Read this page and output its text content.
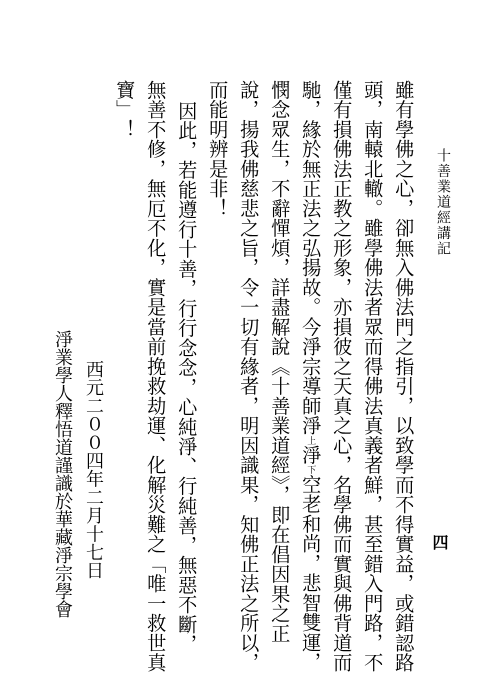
十善業道經講記
四
雖有學佛之心，卻無入佛法門之指引，以致學而不得實益，或錯認路
頭，南轅北轍。雖學佛法者眾而得佛法真義者鮮，甚至錯入門路，不
僅有損佛法正教之形象，亦損彼之天真之心，名學佛而實與佛背道而
馳，緣於無正法之弘揚故。今淨宗導師淨上淨下空老和尚，悲智雙運，
憫念眾生，不辭憚煩，詳盡解說《十善業道經》，即在倡因果之正
說，揚我佛慈悲之旨，令一切有緣者，明因識果，知佛正法之所以，
而能明辨是非！
因此，若能遵行十善，行行念念，心純淨、行純善，無惡不斷，
無善不修，無厄不化，實是當前挽救劫運、化解災難之「唯一救世真
寶」！
西元二００四年二月十七日
淨業學人釋悟道謹識於華藏淨宗學會
